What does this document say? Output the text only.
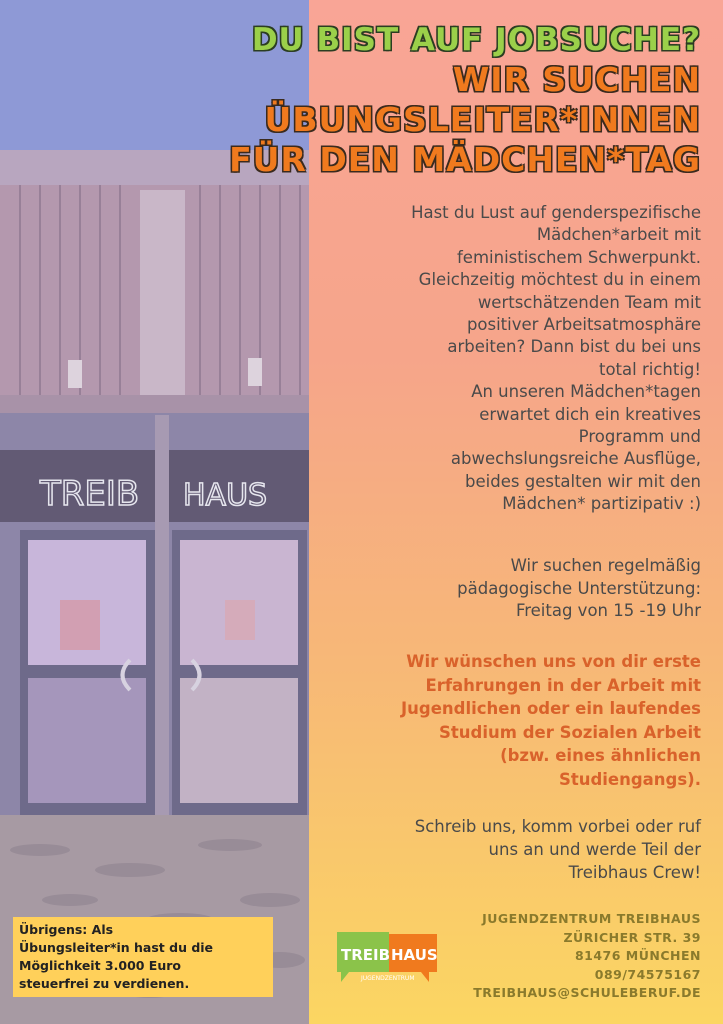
TREIB HAUS
DU BIST AUF JOBSUCHE?
WIR SUCHEN
ÜBUNGSLEITER*INNEN
FÜR DEN MÄDCHEN*TAG

Hast du Lust auf genderspezifische
Mädchen*arbeit mit
feministischem Schwerpunkt.
Gleichzeitig möchtest du in einem
wertschätzenden Team mit
positiver Arbeitsatmosphäre
arbeiten? Dann bist du bei uns
total richtig!

An unseren Mädchen*tagen
erwartet dich ein kreatives
Programm und
abwechslungsreiche Ausflüge,
beides gestalten wir mit den
Mädchen* partizipativ :)

Wir suchen regelmäßig
pädagogische Unterstützung:
Freitag von 15 -19 Uhr
Wir wünschen uns von dir erste
Erfahrungen in der Arbeit mit
Jugendlichen oder ein laufendes
Studium der Sozialen Arbeit
(bzw. eines ähnlichen
Studiengangs).
Schreib uns, komm vorbei oder ruf
uns an und werde Teil der
Treibhaus Crew!
JUGENDZENTRUM TREIBHAUS
ZÜRICHER STR. 39
81476 MÜNCHEN
089/74575167
TREIBHAUS@SCHULEBERUF.DE
TREIB HAUS
JUGENDZENTRUM
Übrigens: Als
Übungsleiter*in hast du die
Möglichkeit 3.000 Euro
steuerfrei zu verdienen.
